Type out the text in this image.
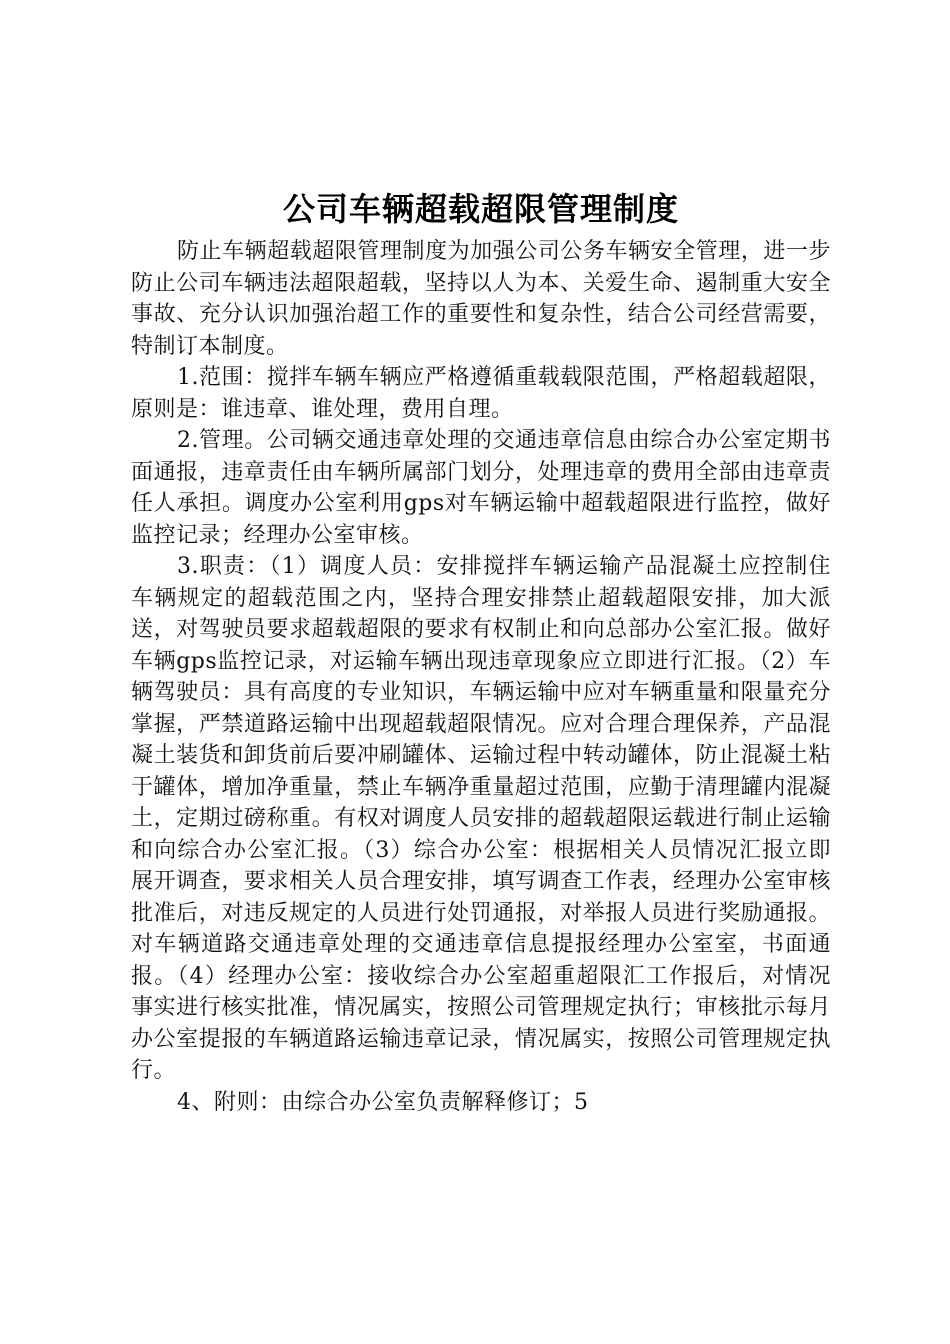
公司车辆超载超限管理制度

防止车辆超载超限管理制度为加强公司公务车辆安全管理，进一步防止公司车辆违法超限超载，坚持以人为本、关爱生命、遏制重大安全事故、充分认识加强治超工作的重要性和复杂性，结合公司经营需要，特制订本制度。

1.范围：搅拌车辆车辆应严格遵循重载载限范围，严格超载超限，原则是：谁违章、谁处理，费用自理。

2.管理。公司辆交通违章处理的交通违章信息由综合办公室定期书面通报，违章责任由车辆所属部门划分，处理违章的费用全部由违章责任人承担。调度办公室利用gps对车辆运输中超载超限进行监控，做好监控记录；经理办公室审核。

3.职责：（1）调度人员：安排搅拌车辆运输产品混凝土应控制住车辆规定的超载范围之内，坚持合理安排禁止超载超限安排，加大派送，对驾驶员要求超载超限的要求有权制止和向总部办公室汇报。做好车辆gps监控记录，对运输车辆出现违章现象应立即进行汇报。（2）车辆驾驶员：具有高度的专业知识，车辆运输中应对车辆重量和限量充分掌握，严禁道路运输中出现超载超限情况。应对合理合理保养，产品混凝土装货和卸货前后要冲刷罐体、运输过程中转动罐体，防止混凝土粘于罐体，增加净重量，禁止车辆净重量超过范围，应勤于清理罐内混凝土，定期过磅称重。有权对调度人员安排的超载超限运载进行制止运输和向综合办公室汇报。（3）综合办公室：根据相关人员情况汇报立即展开调查，要求相关人员合理安排，填写调查工作表，经理办公室审核批准后，对违反规定的人员进行处罚通报，对举报人员进行奖励通报。对车辆道路交通违章处理的交通违章信息提报经理办公室室，书面通报。（4）经理办公室：接收综合办公室超重超限汇工作报后，对情况事实进行核实批准，情况属实，按照公司管理规定执行；审核批示每月办公室提报的车辆道路运输违章记录，情况属实，按照公司管理规定执行。

4、附则：由综合办公室负责解释修订；5
